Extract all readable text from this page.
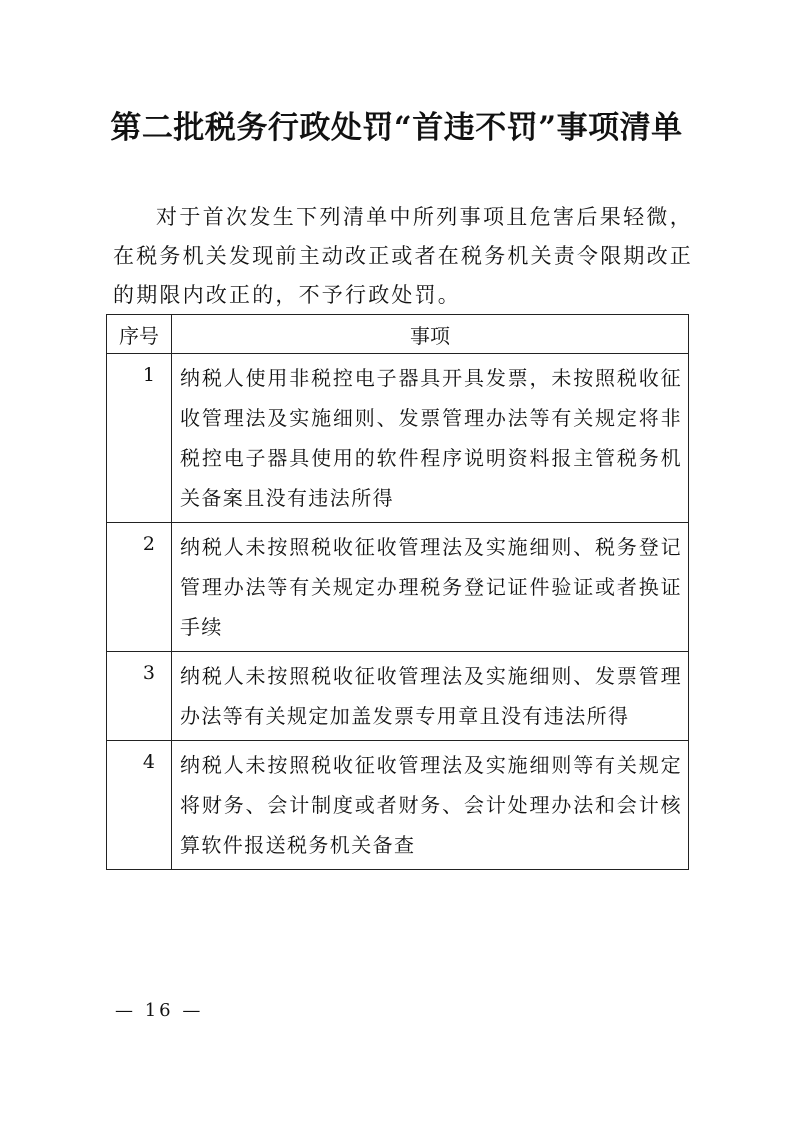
第二批税务行政处罚“首违不罚”事项清单
对于首次发生下列清单中所列事项且危害后果轻微，在税务机关发现前主动改正或者在税务机关责令限期改正的期限内改正的，不予行政处罚。
序号	事项
1	纳税人使用非税控电子器具开具发票，未按照税收征收管理法及实施细则、发票管理办法等有关规定将非税控电子器具使用的软件程序说明资料报主管税务机关备案且没有违法所得
2	纳税人未按照税收征收管理法及实施细则、税务登记管理办法等有关规定办理税务登记证件验证或者换证手续
3	纳税人未按照税收征收管理法及实施细则、发票管理办法等有关规定加盖发票专用章且没有违法所得
4	纳税人未按照税收征收管理法及实施细则等有关规定将财务、会计制度或者财务、会计处理办法和会计核算软件报送税务机关备查
— 16 —
